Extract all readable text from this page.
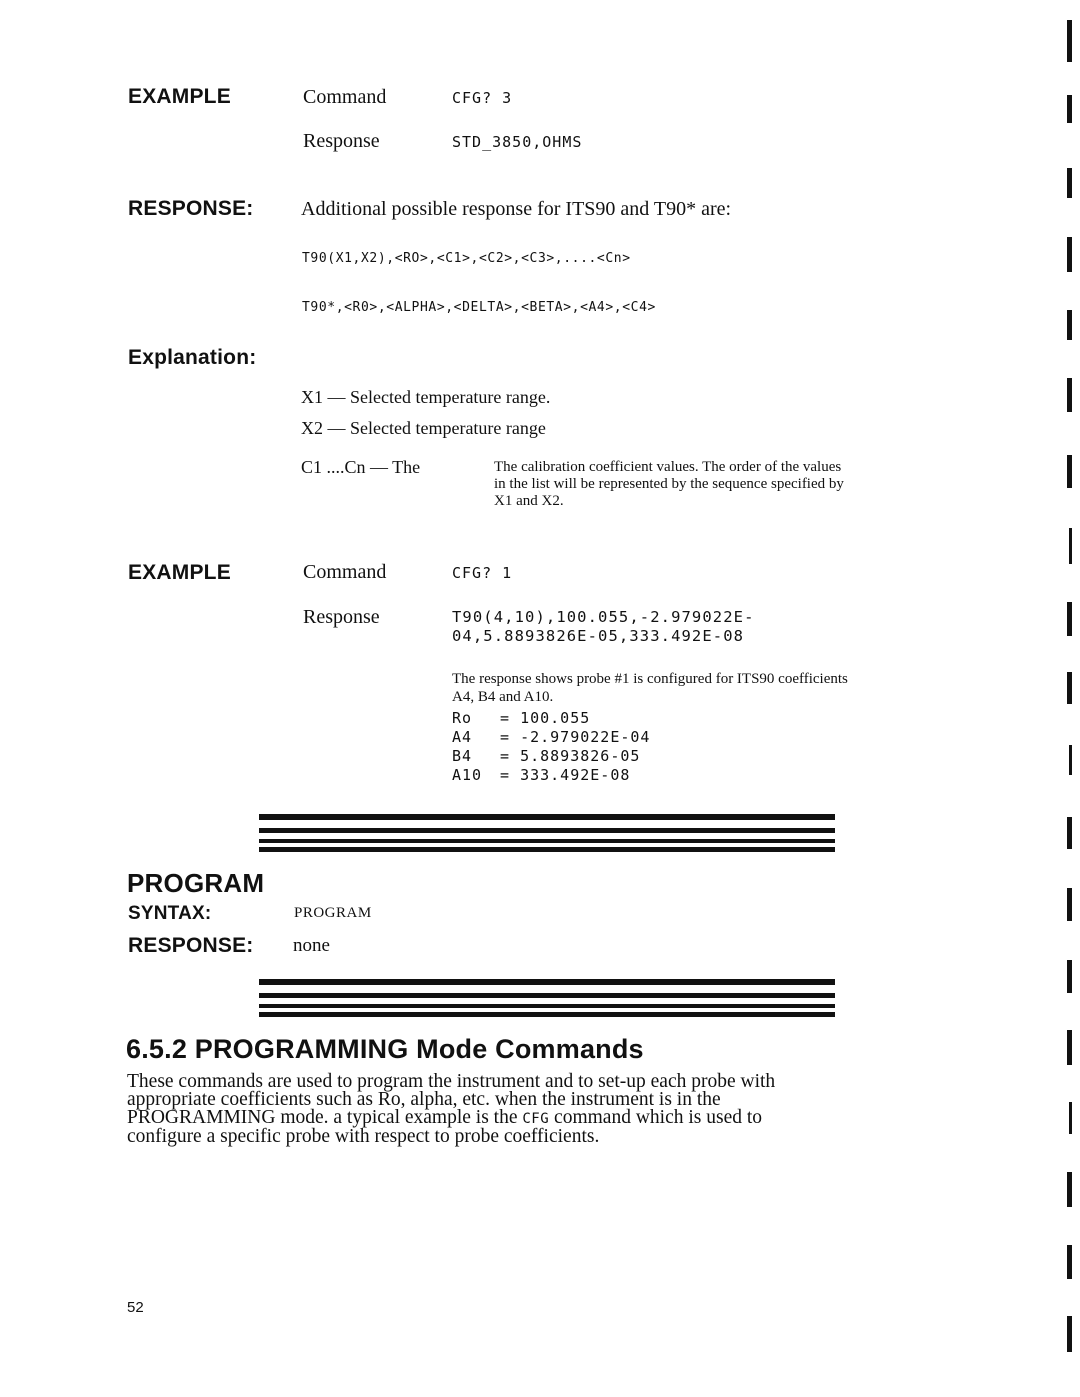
EXAMPLE	Command	CFG? 3
Response	STD_3850,OHMS
RESPONSE: Additional possible response for ITS90 and T90* are:
T90(X1,X2),<RO>,<C1>,<C2>,<C3>,....<Cn>
T90*,<R0>,<ALPHA>,<DELTA>,<BETA>,<A4>,<C4>
Explanation:
X1 — Selected temperature range.
X2 — Selected temperature range
C1 ....Cn — The	The calibration coefficient values. The order of the values
in the list will be represented by the sequence specified by
X1 and X2.
EXAMPLE	Command	CFG? 1
Response	T90(4,10),100.055,-2.979022E-
04,5.8893826E-05,333.492E-08
The response shows probe #1 is configured for ITS90 coefficients
A4, B4 and A10.
Ro = 100.055
A4 = -2.979022E-04
B4 = 5.8893826-05
A10 = 333.492E-08
PROGRAM
SYNTAX:	PROGRAM
RESPONSE: none
6.5.2 PROGRAMMING Mode Commands
These commands are used to program the instrument and to set-up each probe with
appropriate coefficients such as Ro, alpha, etc. when the instrument is in the
PROGRAMMING mode. a typical example is the CFG command which is used to
configure a specific probe with respect to probe coefficients.
52
